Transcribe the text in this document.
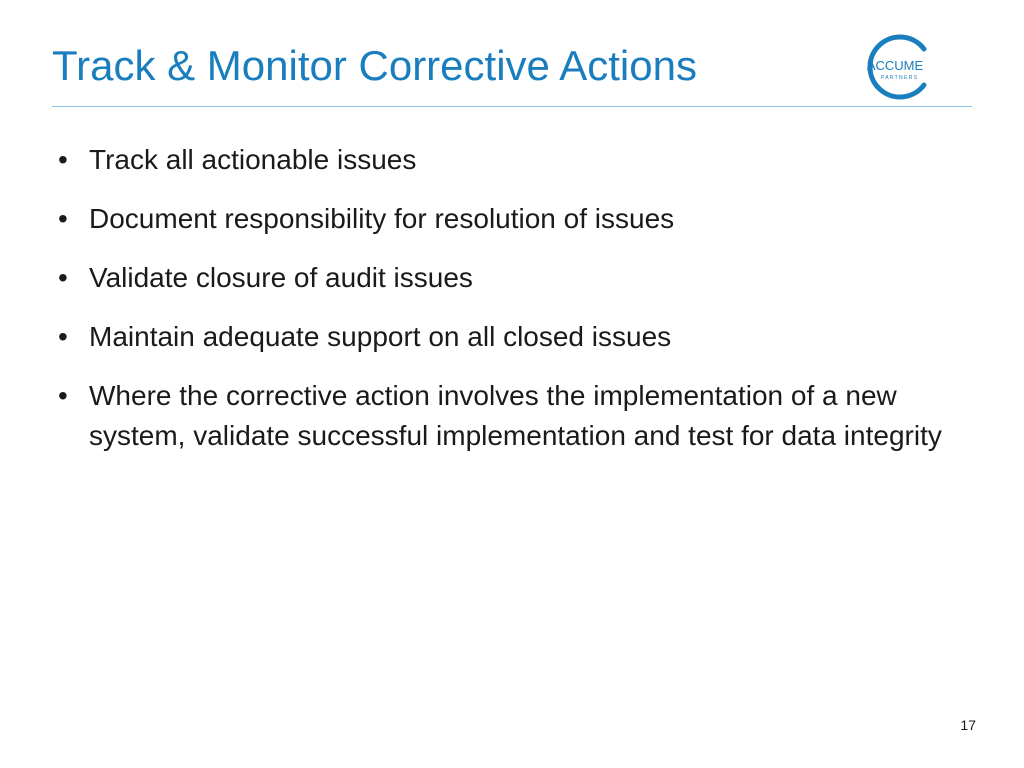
Track & Monitor Corrective Actions	ACCUME
P A R T N E R S
• Track all actionable issues
• Document responsibility for resolution of issues
• Validate closure of audit issues
• Maintain adequate support on all closed issues
• Where the corrective action involves the implementation of a new system, validate successful implementation and test for data integrity
17
